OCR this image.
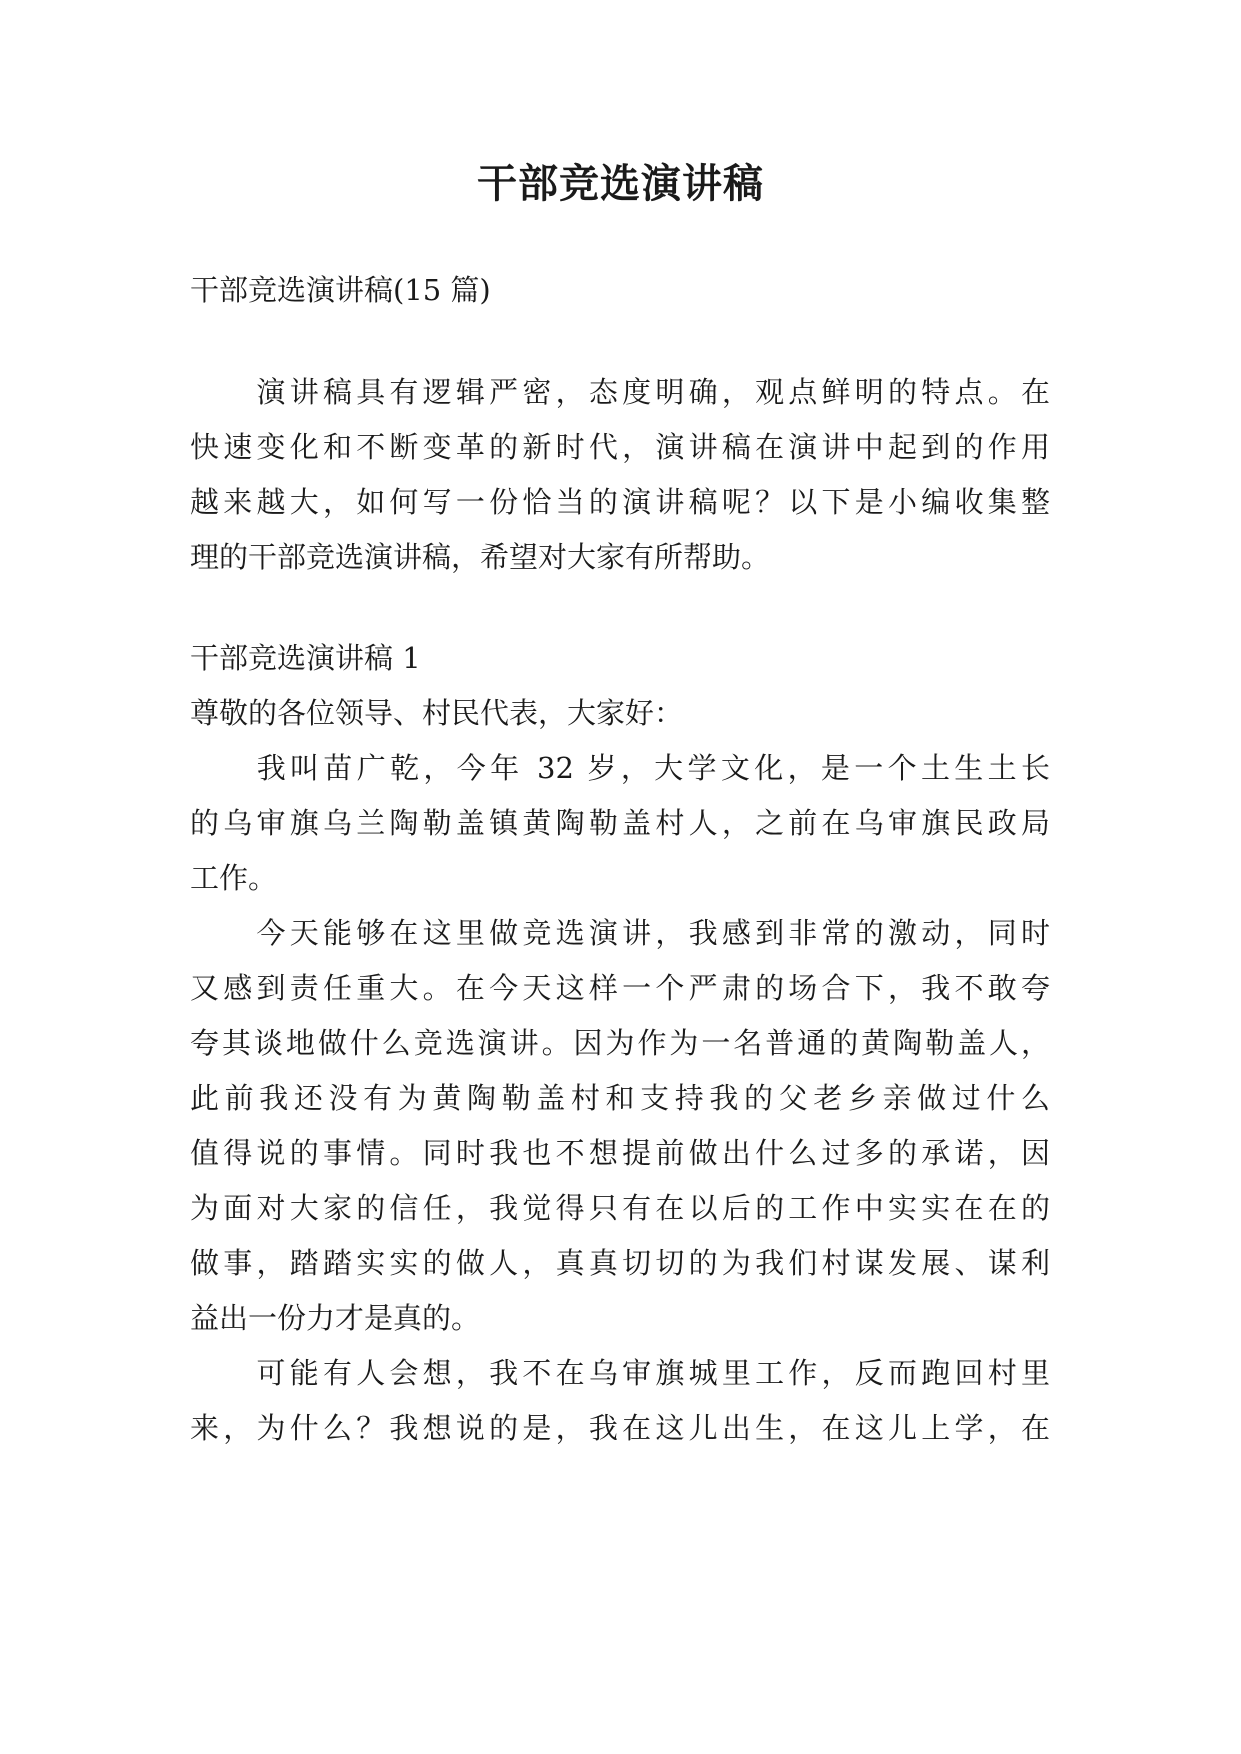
干部竞选演讲稿
干部竞选演讲稿(15 篇)
　　演讲稿具有逻辑严密，态度明确，观点鲜明的特点。在
快速变化和不断变革的新时代，演讲稿在演讲中起到的作用
越来越大，如何写一份恰当的演讲稿呢？以下是小编收集整
理的干部竞选演讲稿，希望对大家有所帮助。
干部竞选演讲稿 1
尊敬的各位领导、村民代表，大家好：
　　我叫苗广乾，今年 32 岁，大学文化，是一个土生土长
的乌审旗乌兰陶勒盖镇黄陶勒盖村人，之前在乌审旗民政局
工作。
　　今天能够在这里做竞选演讲，我感到非常的激动，同时
又感到责任重大。在今天这样一个严肃的场合下，我不敢夸
夸其谈地做什么竞选演讲。因为作为一名普通的黄陶勒盖人，
此前我还没有为黄陶勒盖村和支持我的父老乡亲做过什么
值得说的事情。同时我也不想提前做出什么过多的承诺，因
为面对大家的信任，我觉得只有在以后的工作中实实在在的
做事，踏踏实实的做人，真真切切的为我们村谋发展、谋利
益出一份力才是真的。
　　可能有人会想，我不在乌审旗城里工作，反而跑回村里
来，为什么？我想说的是，我在这儿出生，在这儿上学，在
